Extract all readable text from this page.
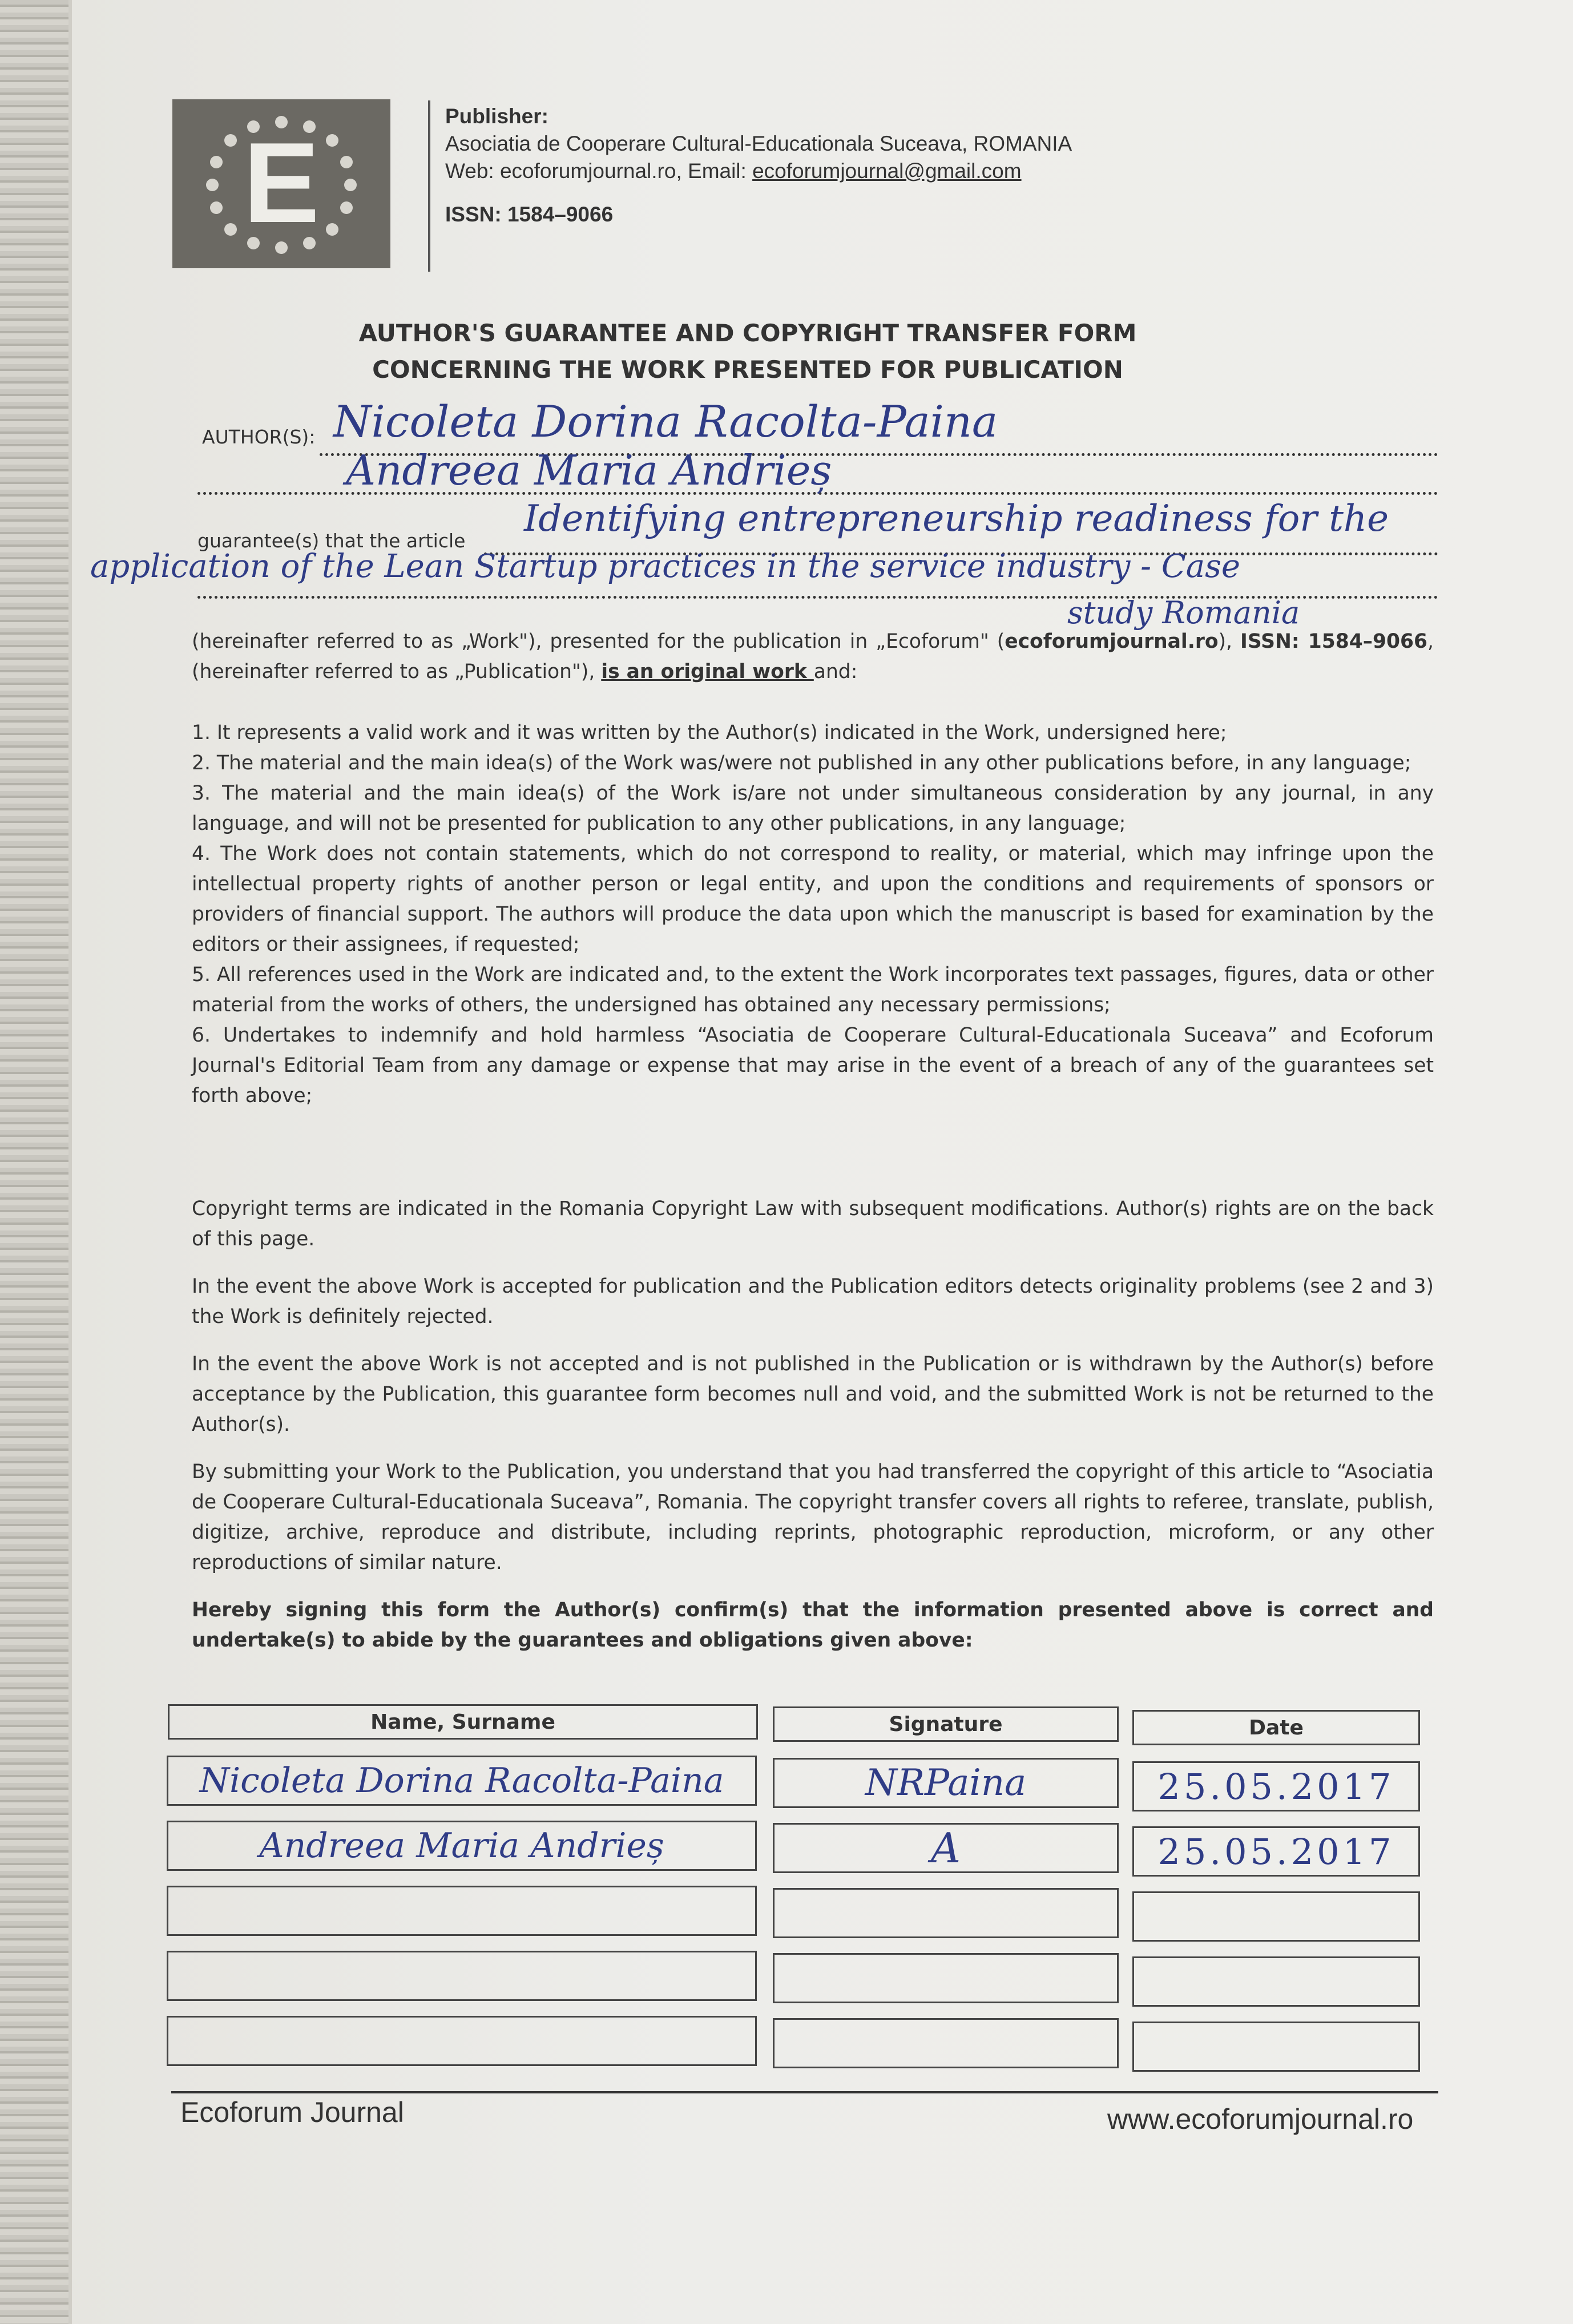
E
Publisher:
Asociatia de Cooperare Cultural-Educationala Suceava, ROMANIA
Web: ecoforumjournal.ro, Email: ecoforumjournal@gmail.com
ISSN: 1584–9066
AUTHOR'S GUARANTEE AND COPYRIGHT TRANSFER FORM
CONCERNING THE WORK PRESENTED FOR PUBLICATION
AUTHOR(S): Nicoleta Dorina Racolta-Paina
Andreea Maria Andrieș
guarantee(s) that the article
Identifying entrepreneurship readiness for the
application of the Lean Startup practices in the service industry - Case
study Romania
(hereinafter referred to as „Work"), presented for the publication in „Ecoforum" (ecoforumjournal.ro), ISSN: 1584–9066, (hereinafter referred to as „Publication"), is an original work and:
1. It represents a valid work and it was written by the Author(s) indicated in the Work, undersigned here;
2. The material and the main idea(s) of the Work was/were not published in any other publications before, in any language;
3. The material and the main idea(s) of the Work is/are not under simultaneous consideration by any journal, in any language, and will not be presented for publication to any other publications, in any language;
4. The Work does not contain statements, which do not correspond to reality, or material, which may infringe upon the intellectual property rights of another person or legal entity, and upon the conditions and requirements of sponsors or providers of financial support. The authors will produce the data upon which the manuscript is based for examination by the editors or their assignees, if requested;
5. All references used in the Work are indicated and, to the extent the Work incorporates text passages, figures, data or other material from the works of others, the undersigned has obtained any necessary permissions;
6. Undertakes to indemnify and hold harmless “Asociatia de Cooperare Cultural-Educationala Suceava” and Ecoforum Journal's Editorial Team from any damage or expense that may arise in the event of a breach of any of the guarantees set forth above;

Copyright terms are indicated in the Romania Copyright Law with subsequent modifications. Author(s) rights are on the back of this page.

In the event the above Work is accepted for publication and the Publication editors detects originality problems (see 2 and 3) the Work is definitely rejected.

In the event the above Work is not accepted and is not published in the Publication or is withdrawn by the Author(s) before acceptance by the Publication, this guarantee form becomes null and void, and the submitted Work is not be returned to the Author(s).

By submitting your Work to the Publication, you understand that you had transferred the copyright of this article to “Asociatia de Cooperare Cultural-Educationala Suceava”, Romania. The copyright transfer covers all rights to referee, translate, publish, digitize, archive, reproduce and distribute, including reprints, photographic reproduction, microform, or any other reproductions of similar nature.

Hereby signing this form the Author(s) confirm(s) that the information presented above is correct and undertake(s) to abide by the guarantees and obligations given above:

Name, Surname	Signature	Date
Nicoleta Dorina Racolta-Paina	NRPaina	25.05.2017
Andreea Maria Andrieș	A	25.05.2017
Ecoforum Journal	www.ecoforumjournal.ro
